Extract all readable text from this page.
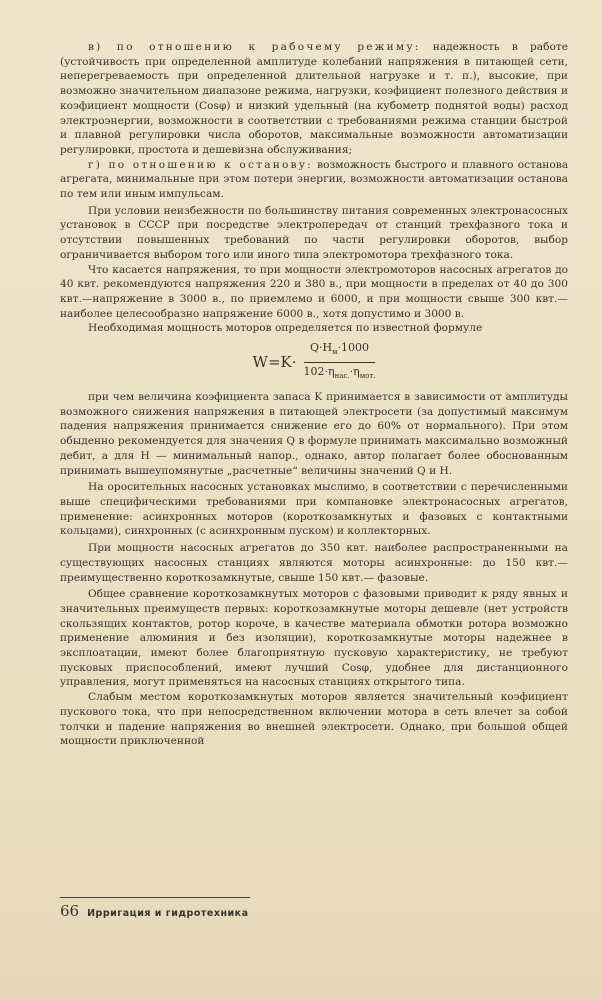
в) по отношению к рабочему режиму: надежность в работе (устойчивость при определенной амплитуде колебаний напряжения в питающей сети, неперегреваемость при определенной длительной нагрузке и т. п.), высокие, при возможно значительном диапазоне режима, нагрузки, коэфициент полезного действия и коэфициент мощности (Cosφ) и низкий удельный (на кубометр поднятой воды) расход электроэнергии, возможности в соответствии с требованиями режима станции быстрой и плавной регулировки числа оборотов, максимальные возможности автоматизации регулировки, простота и дешевизна обслуживания;

г) по отношению к останову: возможность быстрого и плавного останова агрегата, минимальные при этом потери энергии, возможности автоматизации останова по тем или иным импульсам.

При условии неизбежности по большинству питания современных электронасосных установок в СССР при посредстве электропередач от станций трехфазного тока и отсутствии повышенных требований по части регулировки оборотов, выбор ограничивается выбором того или иного типа электромотора трехфазного тока.

Что касается напряжения, то при мощности электромоторов насосных агрегатов до 40 квт. рекомендуются напряжения 220 и 380 в., при мощности в пределах от 40 до 300 квт.—напряжение в 3000 в., по приемлемо и 6000, и при мощности свыше 300 квт.— наиболее целесообразно напряжение 6000 в., хотя допустимо и 3000 в.

Необходимая мощность моторов определяется по известной формуле

$W=K\cdot \frac{Q\cdot H_м\cdot 1000}{102\cdot\eta_{нас.}\cdot\eta_{мот.}}$

при чем величина коэфициента запаса K принимается в зависимости от амплитуды возможного снижения напряжения в питающей электросети (за допустимый максимум падения напряжения принимается снижение его до 60% от нормального). При этом обыденно рекомендуется для значения Q в формуле принимать максимально возможный дебит, а для H — минимальный напор., однако, автор полагает более обоснованным принимать вышеупомянутые „расчетные“ величины значений Q и H.

На оросительных насосных установках мыслимо, в соответствии с перечисленными выше специфическими требованиями при компановке электронасосных агрегатов, применение: асинхронных моторов (короткозамкнутых и фазовых с контактными кольцами), синхронных (с асинхронным пуском) и коллекторных.

При мощности насосных агрегатов до 350 квт. наиболее распространенными на существующих насосных станциях являются моторы асинхронные: до 150 квт.—преимущественно короткозамкнутые, свыше 150 квт.— фазовые.

Общее сравнение короткозамкнутых моторов с фазовыми приводит к ряду явных и значительных преимуществ первых: короткозамкнутые моторы дешевле (нет устройств скользящих контактов, ротор короче, в качестве материала обмотки ротора возможно применение алюминия и без изоляции), короткозамкнутые моторы надежнее в эксплоатации, имеют более благоприятную пусковую характеристику, не требуют пусковых приспособлений, имеют лучший Cosφ, удобнее для дистанционного управления, могут применяться на насосных станциях открытого типа.

Слабым местом короткозамкнутых моторов является значительный коэфициент пускового тока, что при непосредственном включении мотора в сеть влечет за собой толчки и падение напряжения во внешней электросети. Однако, при большой общей мощности приключенной

66 Ирригация и гидротехника
